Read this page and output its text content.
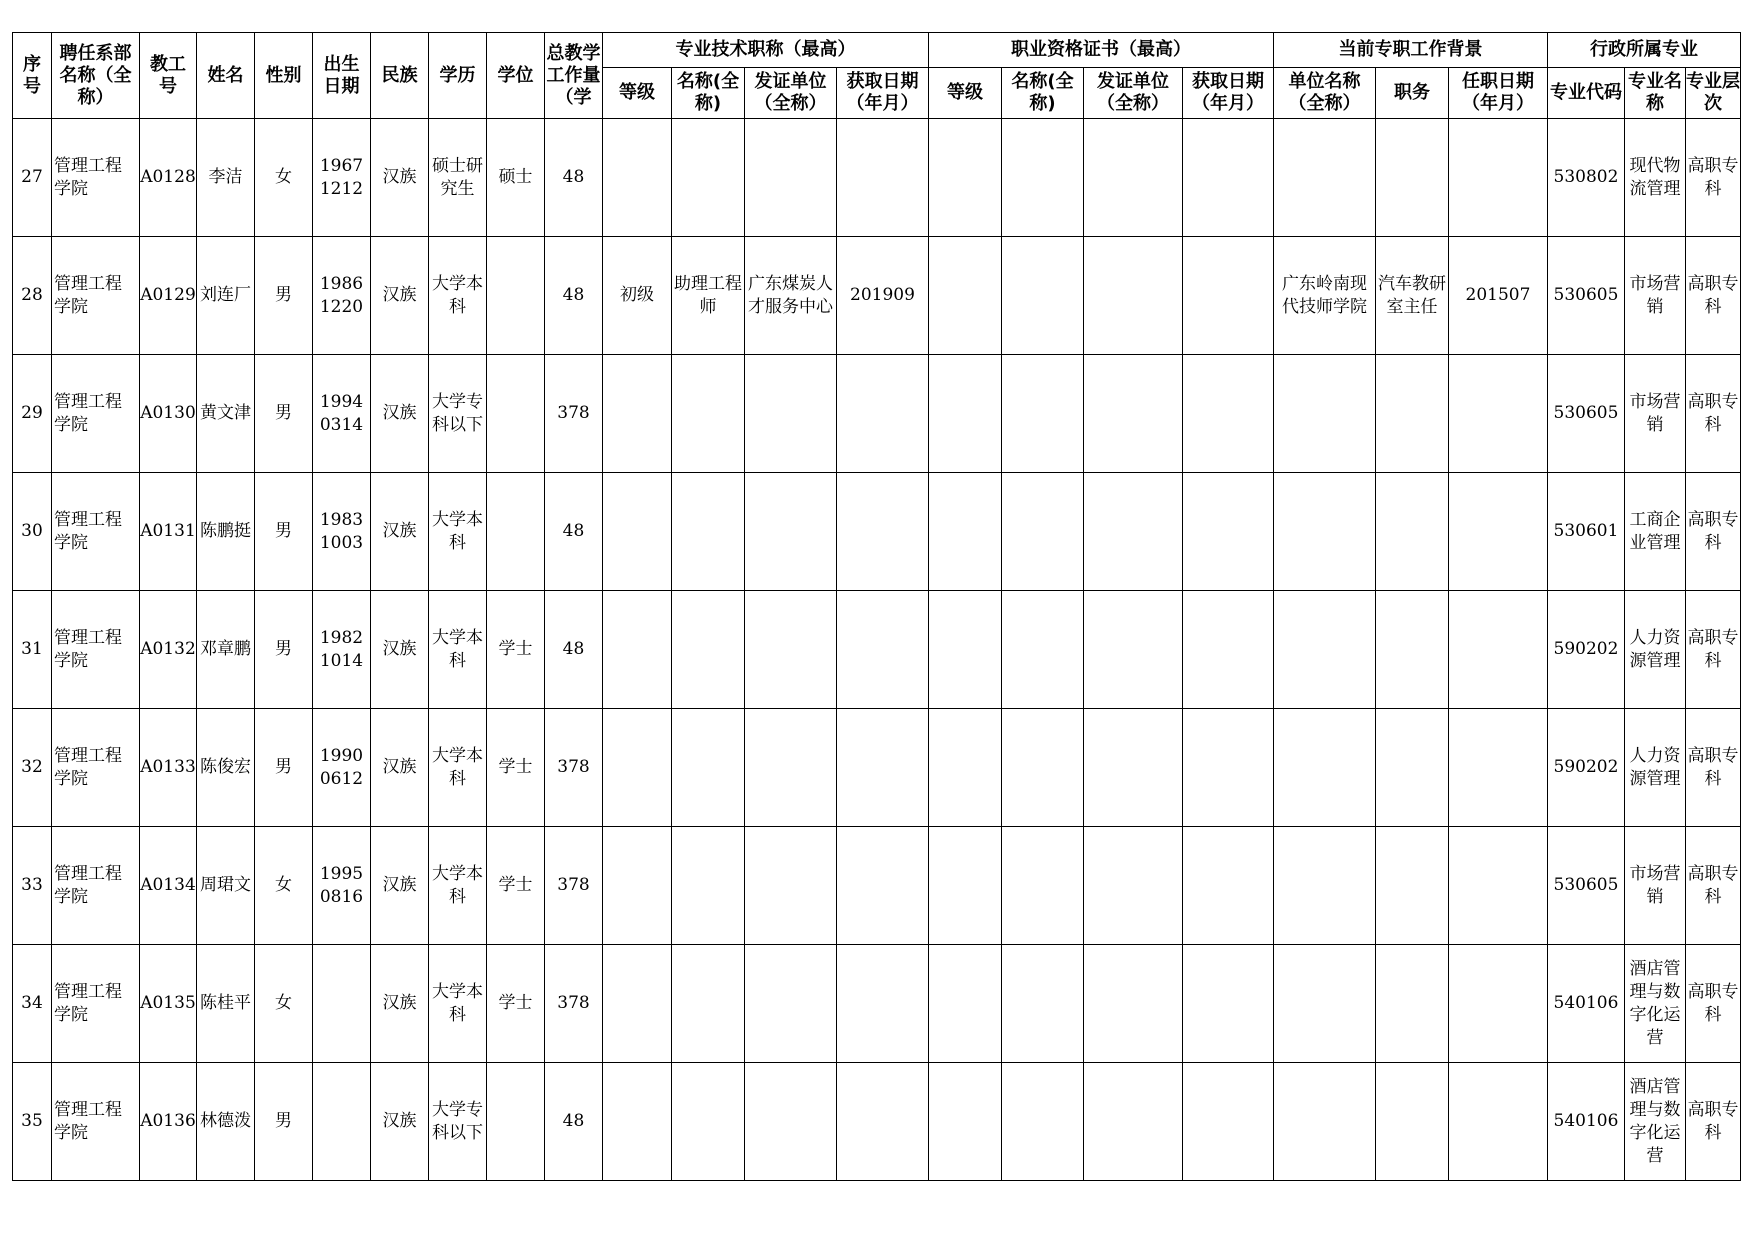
序号	聘任系部名称（全称）	教工号	姓名	性别	出生日期	民族	学历	学位	总教学工作量（学	专业技术职称（最高）				职业资格证书（最高）				当前专职工作背景			行政所属专业		
										等级	名称(全称)	发证单位（全称）	获取日期（年月）	等级	名称(全称)	发证单位（全称）	获取日期（年月）	单位名称（全称）	职务	任职日期（年月）	专业代码	专业名称	专业层次
27	管理工程学院	A0128	李洁	女	19671212	汉族	硕士研究生	硕士	48												530802	现代物流管理	高职专科
28	管理工程学院	A0129	刘连厂	男	19861220	汉族	大学本科		48	初级	助理工程师	广东煤炭人才服务中心	201909					广东岭南现代技师学院	汽车教研室主任	201507	530605	市场营销	高职专科
29	管理工程学院	A0130	黄文津	男	19940314	汉族	大学专科以下		378												530605	市场营销	高职专科
30	管理工程学院	A0131	陈鹏挺	男	19831003	汉族	大学本科		48												530601	工商企业管理	高职专科
31	管理工程学院	A0132	邓章鹏	男	19821014	汉族	大学本科	学士	48												590202	人力资源管理	高职专科
32	管理工程学院	A0133	陈俊宏	男	19900612	汉族	大学本科	学士	378												590202	人力资源管理	高职专科
33	管理工程学院	A0134	周珺文	女	19950816	汉族	大学本科	学士	378												530605	市场营销	高职专科
34	管理工程学院	A0135	陈桂平	女		汉族	大学本科	学士	378												540106	酒店管理与数字化运营	高职专科
35	管理工程学院	A0136	林德泼	男		汉族	大学专科以下		48												540106	酒店管理与数字化运营	高职专科
